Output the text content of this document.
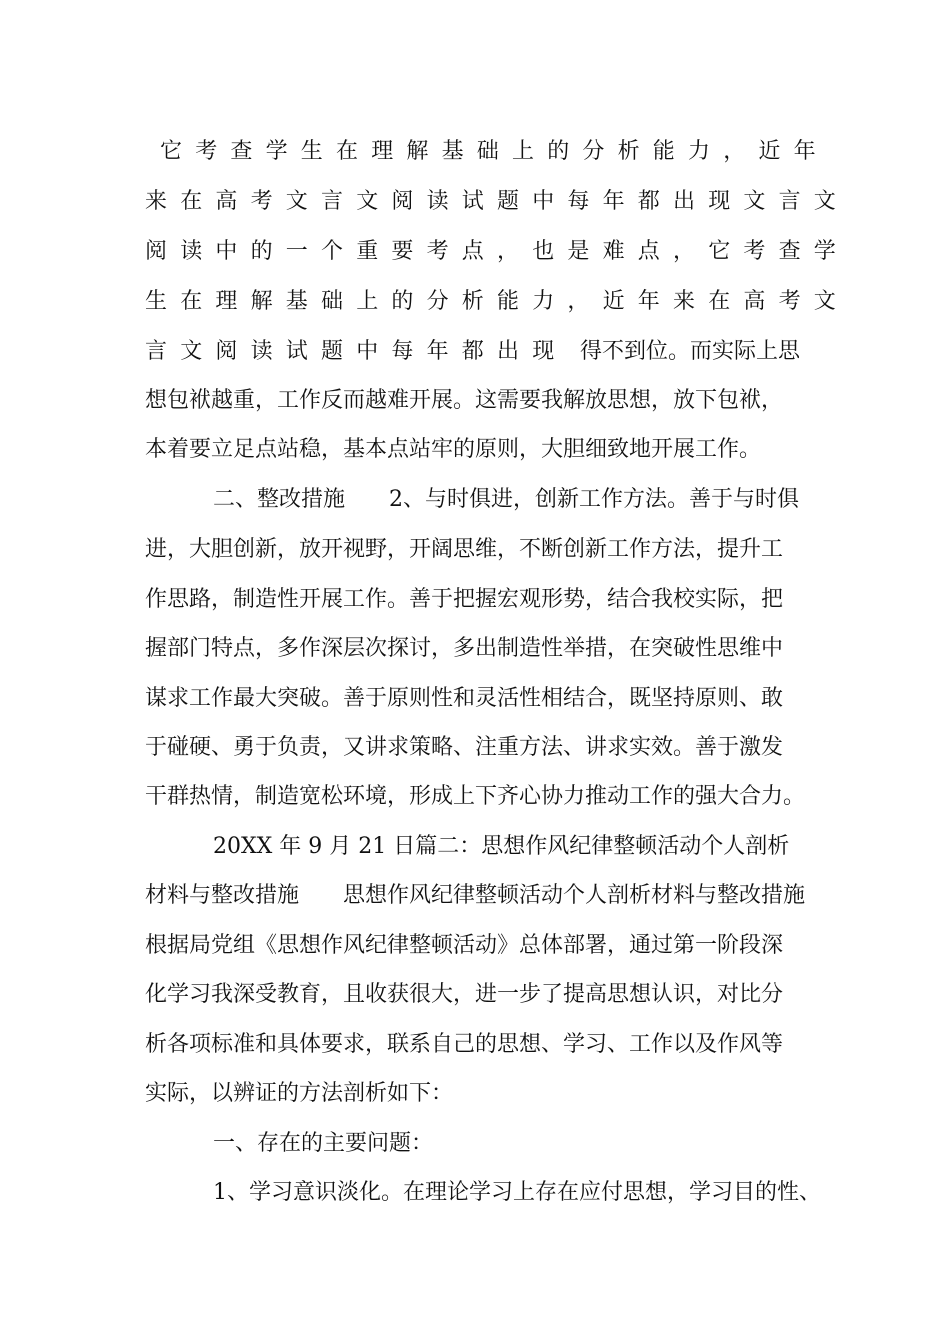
它考查学生在理解基础上的分析能力，近年
来在高考文言文阅读试题中每年都出现文言文
阅读中的一个重要考点，也是难点，它考查学
生在理解基础上的分析能力，近年来在高考文
言文阅读试题中每年都出现 得不到位。而实际上思
想包袱越重，工作反而越难开展。这需要我解放思想，放下包袱，
本着要立足点站稳，基本点站牢的原则，大胆细致地开展工作。
二、整改措施　　2、与时俱进，创新工作方法。善于与时俱
进，大胆创新，放开视野，开阔思维，不断创新工作方法，提升工
作思路，制造性开展工作。善于把握宏观形势，结合我校实际，把
握部门特点，多作深层次探讨，多出制造性举措，在突破性思维中
谋求工作最大突破。善于原则性和灵活性相结合，既坚持原则、敢
于碰硬、勇于负责，又讲求策略、注重方法、讲求实效。善于激发
干群热情，制造宽松环境，形成上下齐心协力推动工作的强大合力。
20XX 年 9 月 21 日篇二：思想作风纪律整顿活动个人剖析
材料与整改措施　　思想作风纪律整顿活动个人剖析材料与整改措施
根据局党组《思想作风纪律整顿活动》总体部署，通过第一阶段深
化学习我深受教育，且收获很大，进一步了提高思想认识，对比分
析各项标准和具体要求，联系自己的思想、学习、工作以及作风等
实际，以辨证的方法剖析如下：
一、存在的主要问题：
1、学习意识淡化。在理论学习上存在应付思想，学习目的性、
